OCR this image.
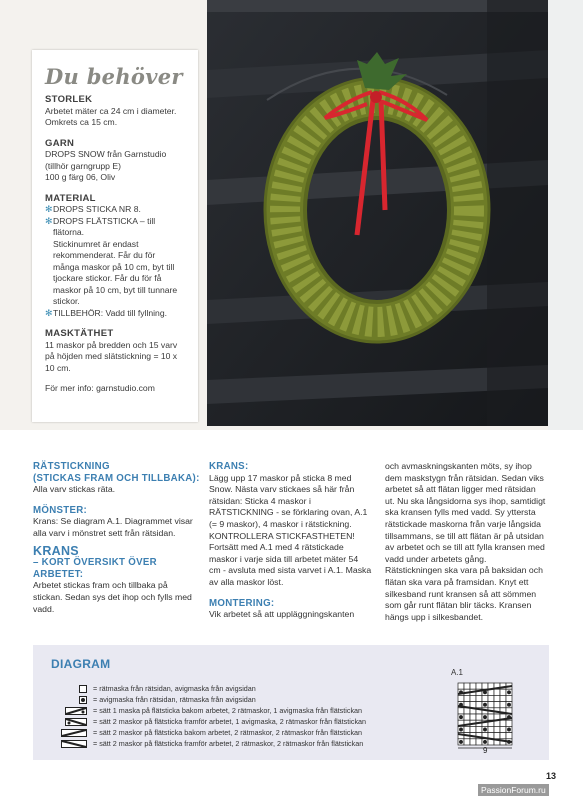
Du behöver
STORLEK

Arbetet mäter ca 24 cm i diameter.

Omkrets ca 15 cm.

GARN

DROPS SNOW från Garnstudio

(tillhör garngrupp E)

100 g färg 06, Oliv

MATERIAL
✻ DROPS STICKA NR 8.
✻ DROPS FLÄTSTICKA – till

flätorna.

Stickinumret är endast

rekommenderat. Får du för

många maskor på 10 cm, byt till

tjockare stickor. Får du för få

maskor på 10 cm, byt till tunnare

stickor.

✻ TILLBEHÖR: Vadd till fyllning.
MASKTÄTHET

11 maskor på bredden och 15 varv

på höjden med slätstickning = 10 x

10 cm.

För mer info: garnstudio.com

RÄTSTICKNING
(STICKAS FRAM OCH TILLBAKA):

Alla varv stickas räta.

MÖNSTER:

Krans: Se diagram A.1. Diagrammet visar

alla varv i mönstret sett från rätsidan.

KRANS
– KORT ÖVERSIKT ÖVER ARBETET:

Arbetet stickas fram och tillbaka på

stickan. Sedan sys det ihop och fylls med

vadd.

KRANS:

Lägg upp 17 maskor på sticka 8 med

Snow. Nästa varv stickaes så här från

rätsidan: Sticka 4 maskor i

RÄTSTICKNING - se förklaring ovan, A.1

(= 9 maskor), 4 maskor i rätstickning.

KONTROLLERA STICKFASTHETEN!

Fortsätt med A.1 med 4 rätstickade

maskor i varje sida till arbetet mäter 54

cm - avsluta med sista varvet i A.1. Maska

av alla maskor löst.

MONTERING:

Vik arbetet så att uppläggningskanten

och avmaskningskanten möts, sy ihop

dem maskstygn från rätsidan. Sedan viks

arbetet så att flätan ligger med rätsidan

ut. Nu ska långsidorna sys ihop, samtidigt

ska kransen fylls med vadd. Sy yttersta

rätstickade maskorna från varje långsida

tillsammans, se till att flätan är på utsidan

av arbetet och se till att fylla kransen med

vadd under arbetets gång.

Rätstickningen ska vara på baksidan och

flätan ska vara på framsidan. Knyt ett

silkesband runt kransen så att sömmen

som går runt flätan blir täcks. Kransen

hängs upp i silkesbandet.

DIAGRAM
= rätmaska från rätsidan, avigmaska från avigsidan
= avigmaska från rätsidan, rätmaska från avigsidan
= sätt 1 maska på flätsticka bakom arbetet, 2 rätmaskor, 1 avigmaska från flätstickan
= sätt 2 maskor på flätsticka framför arbetet, 1 avigmaska, 2 rätmaskor från flätstickan
= sätt 2 maskor på flätsticka bakom arbetet, 2 rätmaskor, 2 rätmaskor från flätstickan
= sätt 2 maskor på flätsticka framför arbetet, 2 rätmaskor, 2 rätmaskor från flätstickan
A.1
9
13
PassionForum.ru
